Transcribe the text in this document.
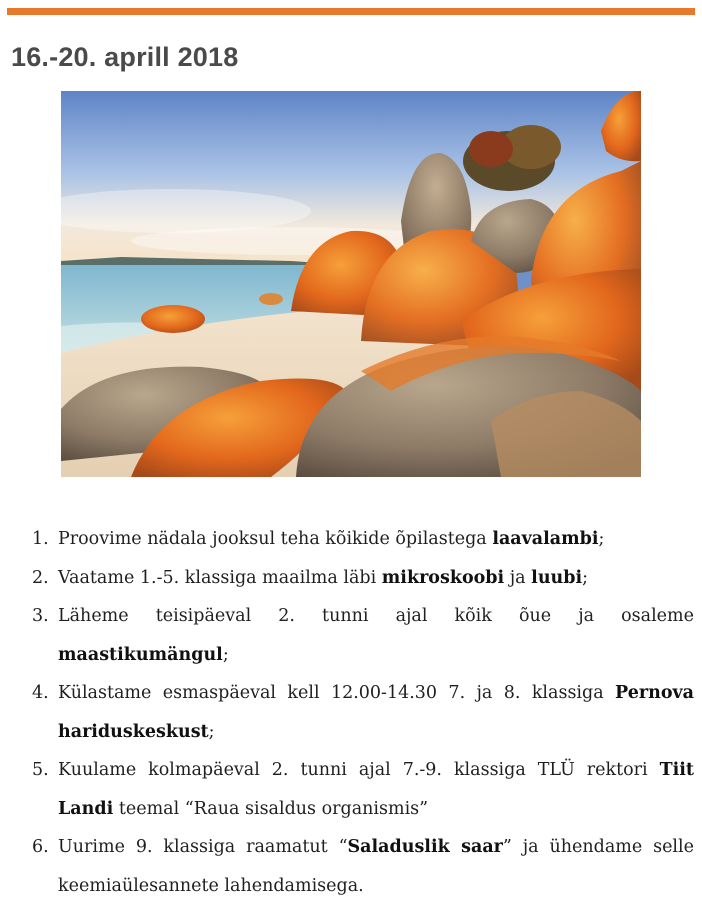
16.-20. aprill 2018
1. Proovime nädala jooksul teha kõikide õpilastega laavalambi;
2. Vaatame 1.-5. klassiga maailma läbi mikroskoobi ja luubi;
3. Läheme teisipäeval 2. tunni ajal kõik õue ja osaleme maastikumängul;
4. Külastame esmaspäeval kell 12.00-14.30 7. ja 8. klassiga Pernova hariduskeskust;
5. Kuulame kolmapäeval 2. tunni ajal 7.-9. klassiga TLÜ rektori Tiit Landi teemal “Raua sisaldus organismis”
6. Uurime 9. klassiga raamatut “Saladuslik saar” ja ühendame selle keemiaülesannete lahendamisega.
